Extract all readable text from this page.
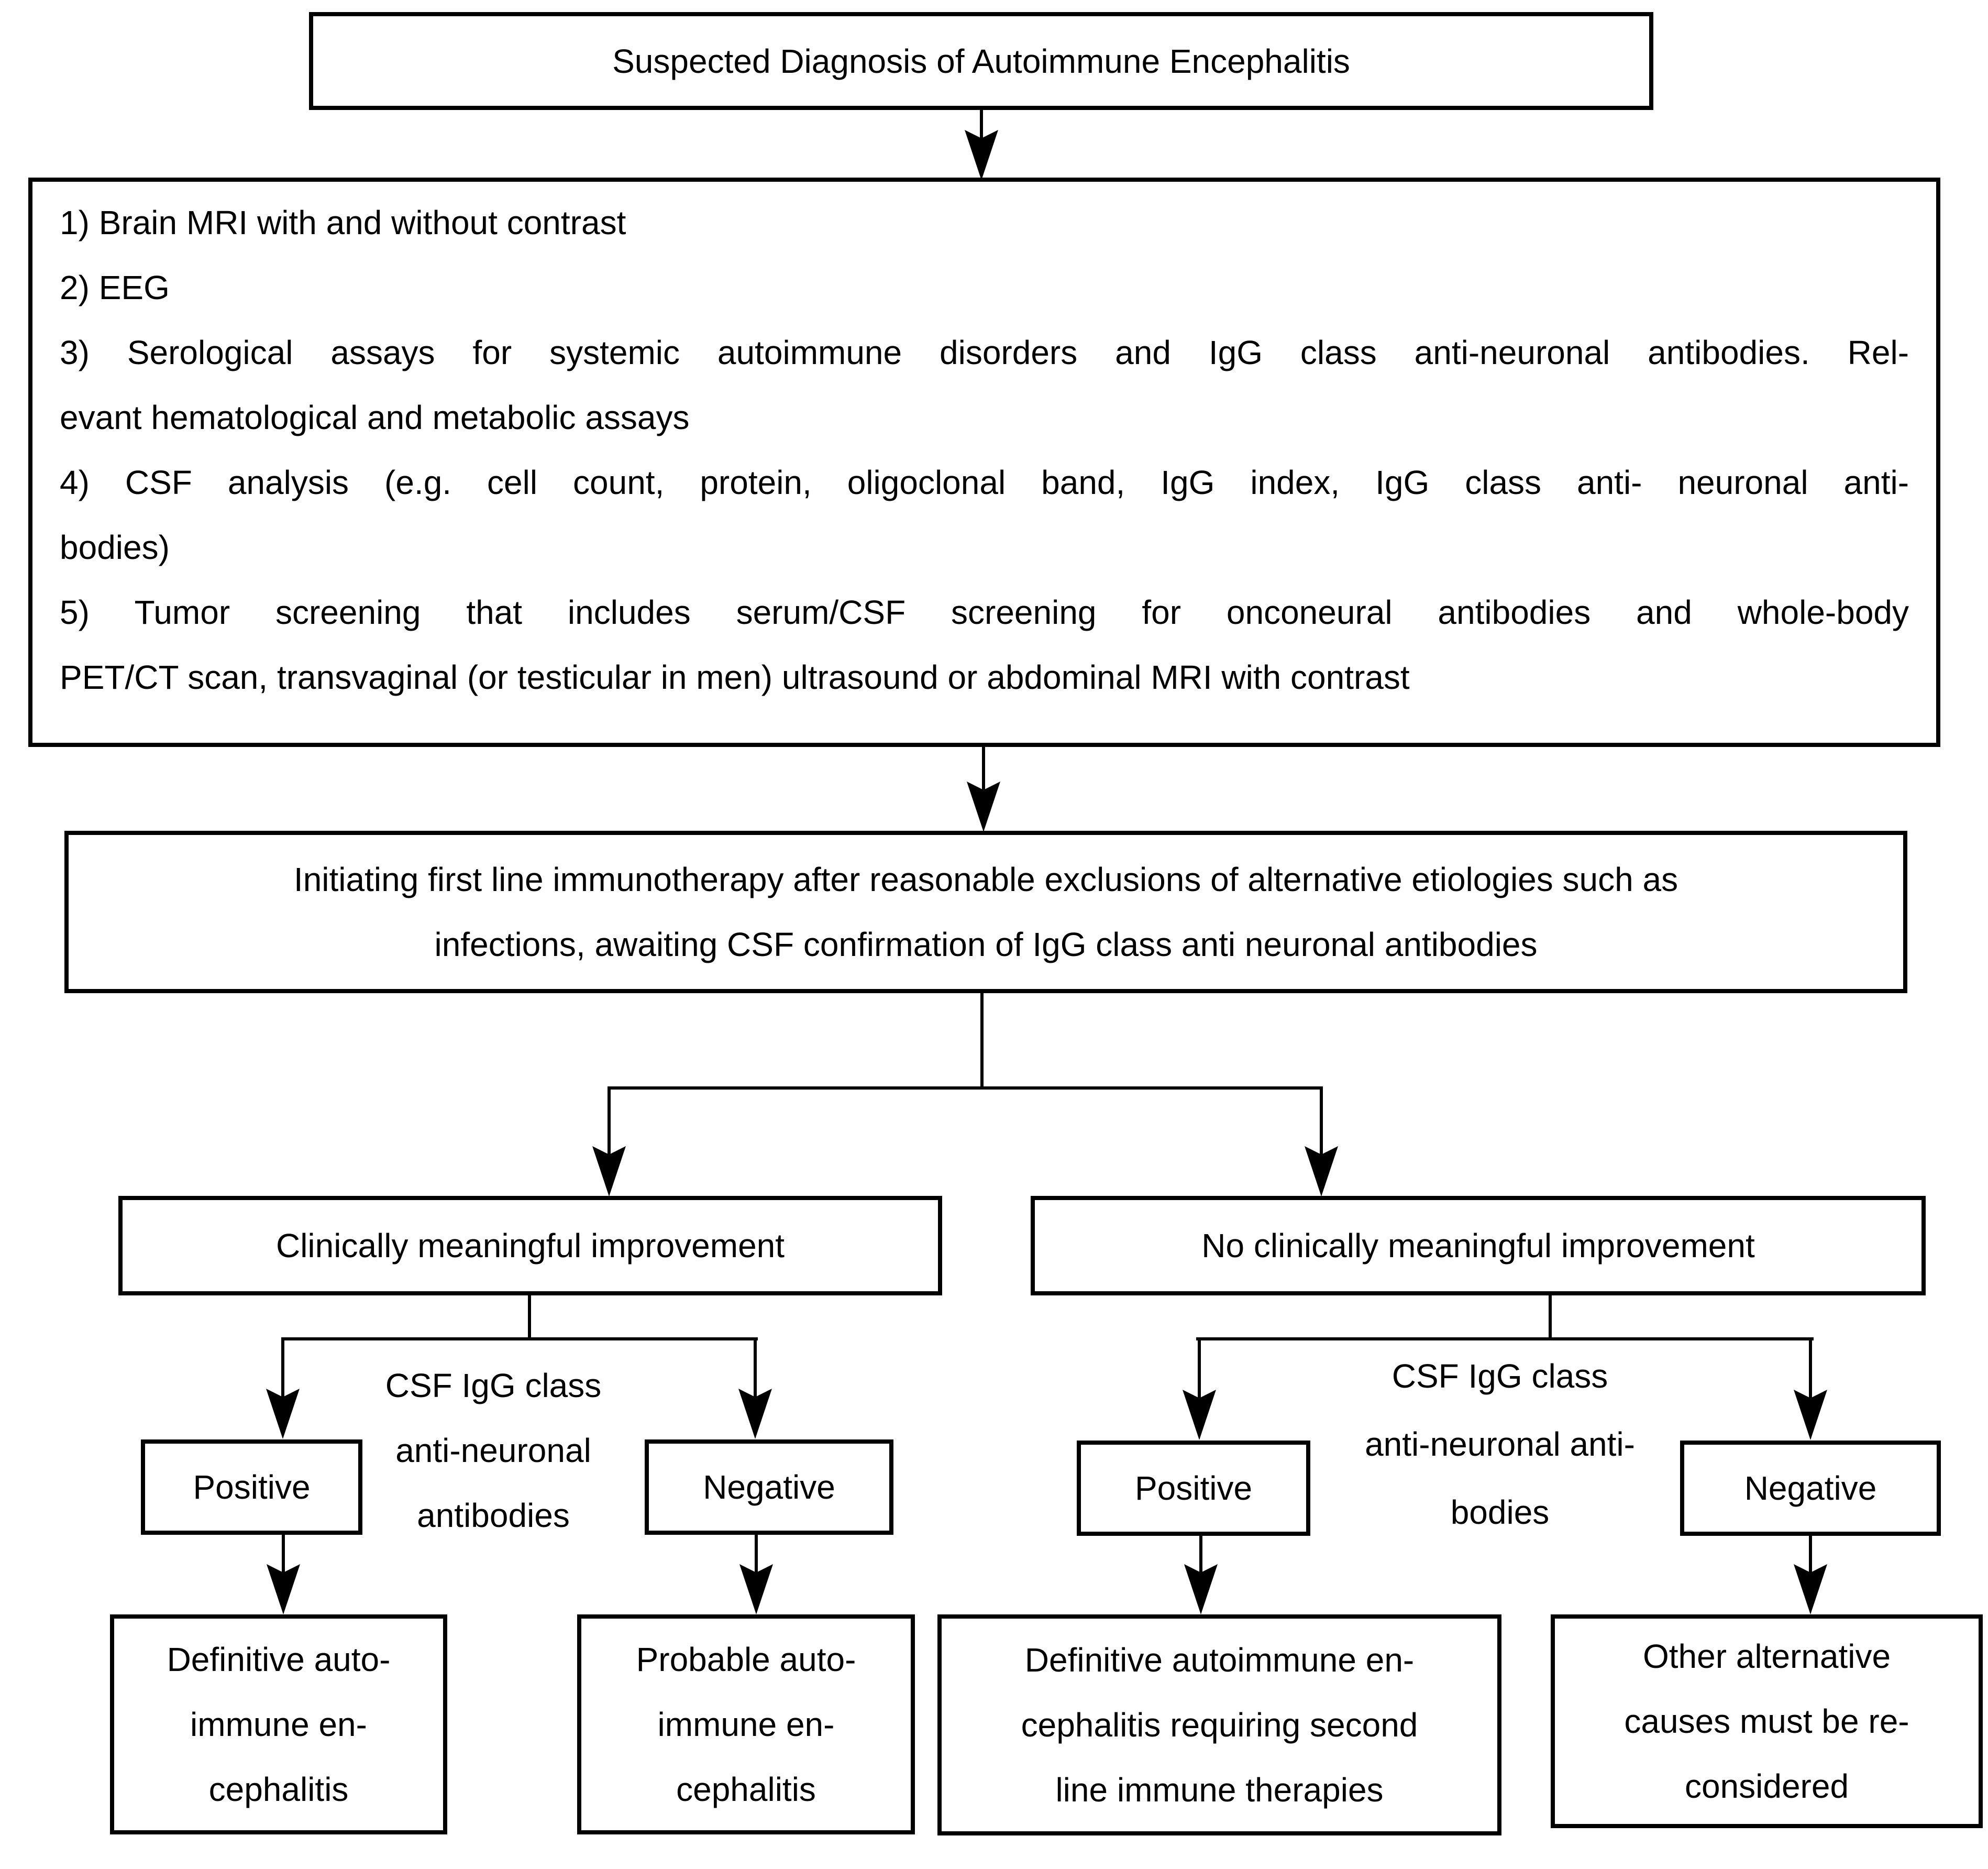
Suspected Diagnosis of Autoimmune Encephalitis
1) Brain MRI with and without contrast
2) EEG
3) Serological assays for systemic autoimmune disorders and IgG class anti-neuronal antibodies. Rel-
evant hematological and metabolic assays
4) CSF analysis (e.g. cell count, protein, oligoclonal band, IgG index, IgG class anti- neuronal anti-
bodies)
5) Tumor screening that includes serum/CSF screening for onconeural antibodies and whole-body
PET/CT scan, transvaginal (or testicular in men) ultrasound or abdominal MRI with contrast
Initiating first line immunotherapy after reasonable exclusions of alternative etiologies such as
infections, awaiting CSF confirmation of IgG class anti neuronal antibodies
Clinically meaningful improvement	No clinically meaningful improvement
CSF IgG class
anti-neuronal
antibodies
CSF IgG class
anti-neuronal anti-
bodies
Positive	Negative	Positive	Negative
Definitive auto-
immune en-
cephalitis
Probable auto-
immune en-
cephalitis
Definitive autoimmune en-
cephalitis requiring second
line immune therapies
Other alternative
causes must be re-
considered
